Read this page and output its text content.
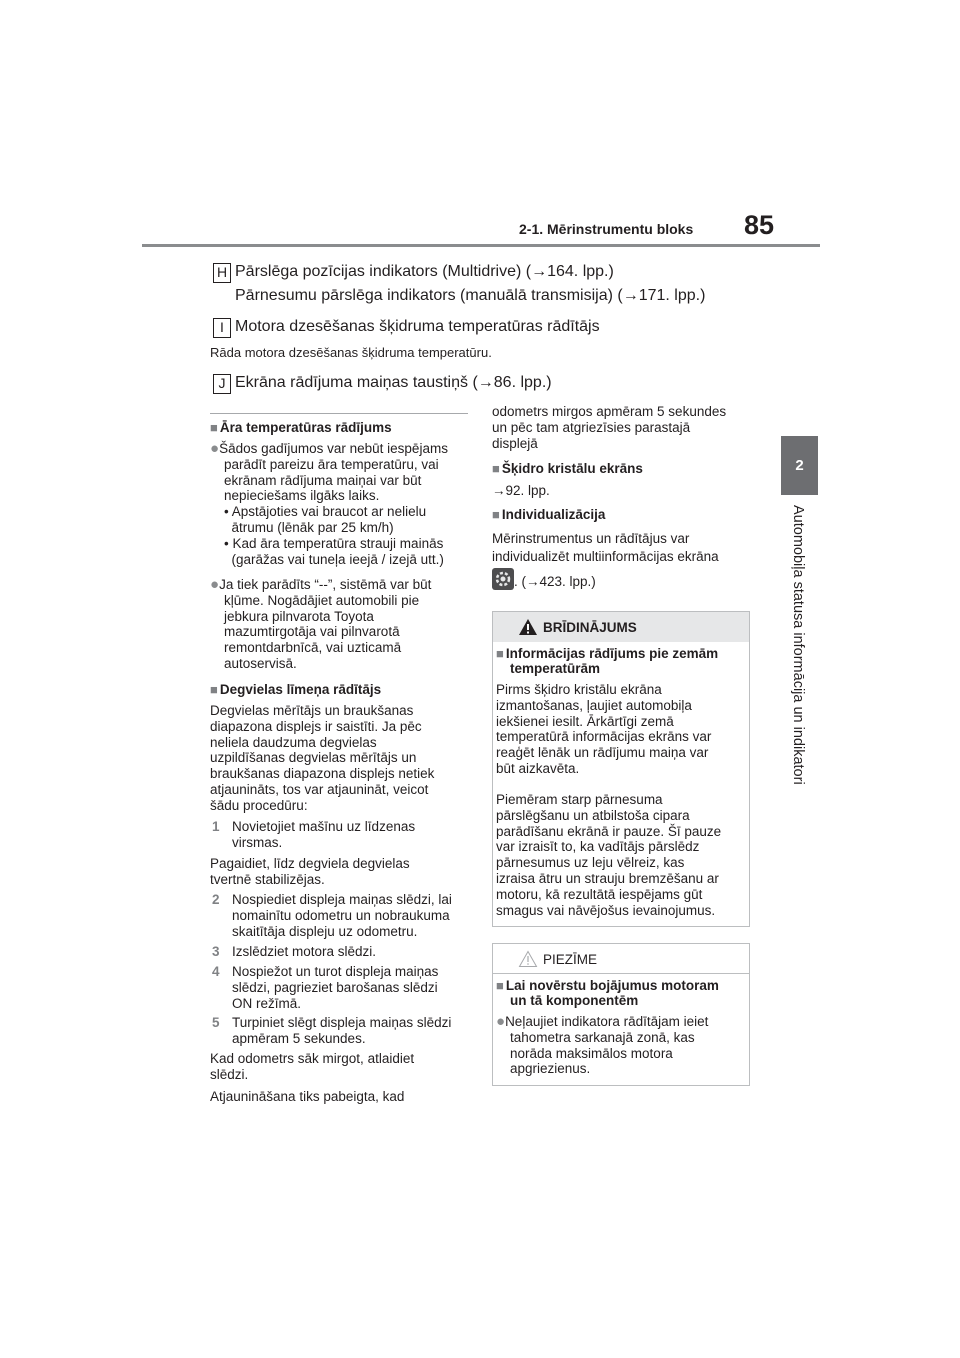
2-1. Mērinstrumentu bloks 85
2
Automobiļa statusa informācija un indikatori
H Pārslēga pozīcijas indikators (Multidrive) (→164. lpp.)
Pārnesumu pārslēga indikators (manuālā transmisija) (→171. lpp.)
I Motora dzesēšanas šķidruma temperatūras rādītājs
Rāda motora dzesēšanas šķidruma temperatūru.
J Ekrāna rādījuma maiņas taustiņš (→86. lpp.)
■ Āra temperatūras rādījums
●Šādos gadījumos var nebūt iespējams
parādīt pareizu āra temperatūru, vai
ekrānam rādījuma maiņai var būt
nepieciešams ilgāks laiks.
• Apstājoties vai braucot ar nelielu
ātrumu (lēnāk par 25 km/h)
• Kad āra temperatūra strauji mainās
(garāžas vai tuneļa ieejā / izejā utt.)
●Ja tiek parādīts “--”, sistēmā var būt
kļūme. Nogādājiet automobili pie
jebkura pilnvarota Toyota
mazumtirgotāja vai pilnvarotā
remontdarbnīcā, vai uzticamā
autoservisā.
■ Degvielas līmeņa rādītājs
Degvielas mērītājs un braukšanas
diapazona displejs ir saistīti. Ja pēc
neliela daudzuma degvielas
uzpildīšanas degvielas mērītājs un
braukšanas diapazona displejs netiek
atjaunināts, tos var atjaunināt, veicot
šādu procedūru:
1 Novietojiet mašīnu uz līdzenas
virsmas.
Pagaidiet, līdz degviela degvielas
tvertnē stabilizējas.
2 Nospiediet displeja maiņas slēdzi, lai
nomainītu odometru un nobraukuma
skaitītāja displeju uz odometru.
3 Izslēdziet motora slēdzi.
4 Nospiežot un turot displeja maiņas
slēdzi, pagrieziet barošanas slēdzi
ON režīmā.
5 Turpiniet slēgt displeja maiņas slēdzi
apmēram 5 sekundes.
Kad odometrs sāk mirgot, atlaidiet
slēdzi.
Atjaunināšana tiks pabeigta, kad
odometrs mirgos apmēram 5 sekundes
un pēc tam atgriezīsies parastajā
displejā
■ Šķidro kristālu ekrāns
→92. lpp.
■ Individualizācija
Mērinstrumentus un rādītājus var
individualizēt multiinformācijas ekrāna
. (→423. lpp.)
BRĪDINĀJUMS
■ Informācijas rādījums pie zemām
temperatūrām
Pirms šķidro kristālu ekrāna
izmantošanas, ļaujiet automobiļa
iekšienei iesilt. Ārkārtīgi zemā
temperatūrā informācijas ekrāns var
reaģēt lēnāk un rādījumu maiņa var
būt aizkavēta.
Piemēram starp pārnesuma
pārslēgšanu un atbilstoša cipara
parādīšanu ekrānā ir pauze. Šī pauze
var izraisīt to, ka vadītājs pārslēdz
pārnesumus uz leju vēlreiz, kas
izraisa ātru un strauju bremzēšanu ar
motoru, kā rezultātā iespējams gūt
smagus vai nāvējošus ievainojumus.
PIEZĪME
■ Lai novērstu bojājumus motoram
un tā komponentēm
●Neļaujiet indikatora rādītājam ieiet
tahometra sarkanajā zonā, kas
norāda maksimālos motora
apgriezienus.
